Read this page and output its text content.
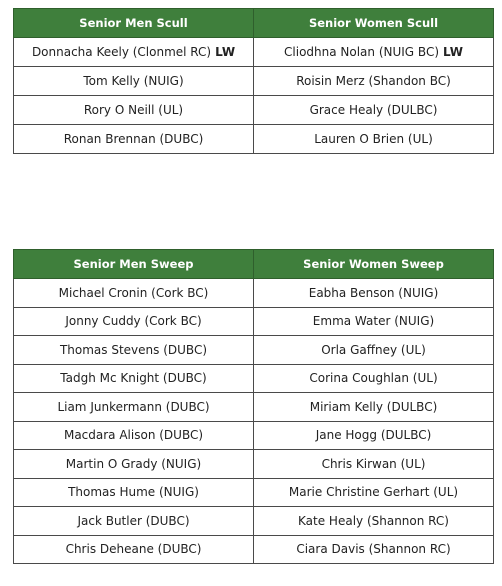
Senior Men Scull	Senior Women Scull
Donnacha Keely (Clonmel RC) LW	Cliodhna Nolan (NUIG BC) LW
Tom Kelly (NUIG)	Roisin Merz (Shandon BC)
Rory O Neill (UL)	Grace Healy (DULBC)
Ronan Brennan (DUBC)	Lauren O Brien (UL)
Senior Men Sweep	Senior Women Sweep
Michael Cronin (Cork BC)	Eabha Benson (NUIG)
Jonny Cuddy (Cork BC)	Emma Water (NUIG)
Thomas Stevens (DUBC)	Orla Gaffney (UL)
Tadgh Mc Knight (DUBC)	Corina Coughlan (UL)
Liam Junkermann (DUBC)	Miriam Kelly (DULBC)
Macdara Alison (DUBC)	Jane Hogg (DULBC)
Martin O Grady (NUIG)	Chris Kirwan (UL)
Thomas Hume (NUIG)	Marie Christine Gerhart (UL)
Jack Butler (DUBC)	Kate Healy (Shannon RC)
Chris Deheane (DUBC)	Ciara Davis (Shannon RC)
